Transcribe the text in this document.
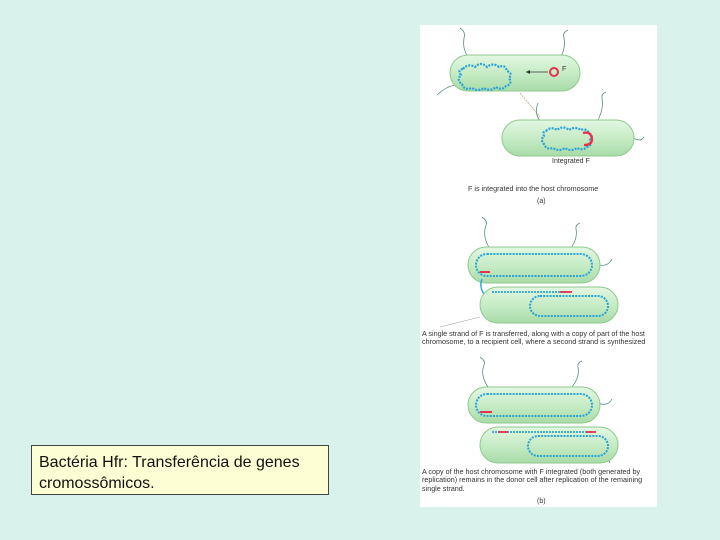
F
Integrated F
F is integrated into the host chromosome
(a)
A single strand of F is transferred, along with a copy of part of the host chromosome, to a recipient cell, where a second strand is synthesized
A copy of the host chromosome with F integrated (both generated by replication) remains in the donor cell after replication of the remaining single strand.
(b)
Bactéria Hfr: Transferência de genes cromossômicos.
